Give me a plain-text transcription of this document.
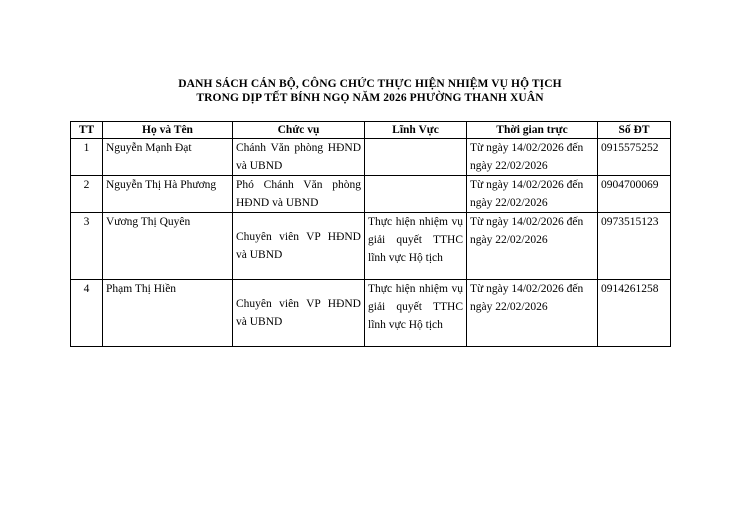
DANH SÁCH CÁN BỘ, CÔNG CHỨC THỰC HIỆN NHIỆM VỤ HỘ TỊCH
TRONG DỊP TẾT BÍNH NGỌ NĂM 2026 PHƯỜNG THANH XUÂN
TT	Họ và Tên	Chức vụ	Lĩnh Vực	Thời gian trực	Số ĐT
1	Nguyễn Mạnh Đạt	Chánh Văn phòng HĐND và UBND		Từ ngày 14/02/2026 đến ngày 22/02/2026	0915575252
2	Nguyễn Thị Hà Phương	Phó Chánh Văn phòng HĐND và UBND		Từ ngày 14/02/2026 đến ngày 22/02/2026	0904700069
3	Vương Thị Quyên	Chuyên viên VP HĐND và UBND	Thực hiện nhiệm vụ giải quyết TTHC lĩnh vực Hộ tịch	Từ ngày 14/02/2026 đến ngày 22/02/2026	0973515123
4	Phạm Thị Hiền	Chuyên viên VP HĐND và UBND	Thực hiện nhiệm vụ giải quyết TTHC lĩnh vực Hộ tịch	Từ ngày 14/02/2026 đến ngày 22/02/2026	0914261258
